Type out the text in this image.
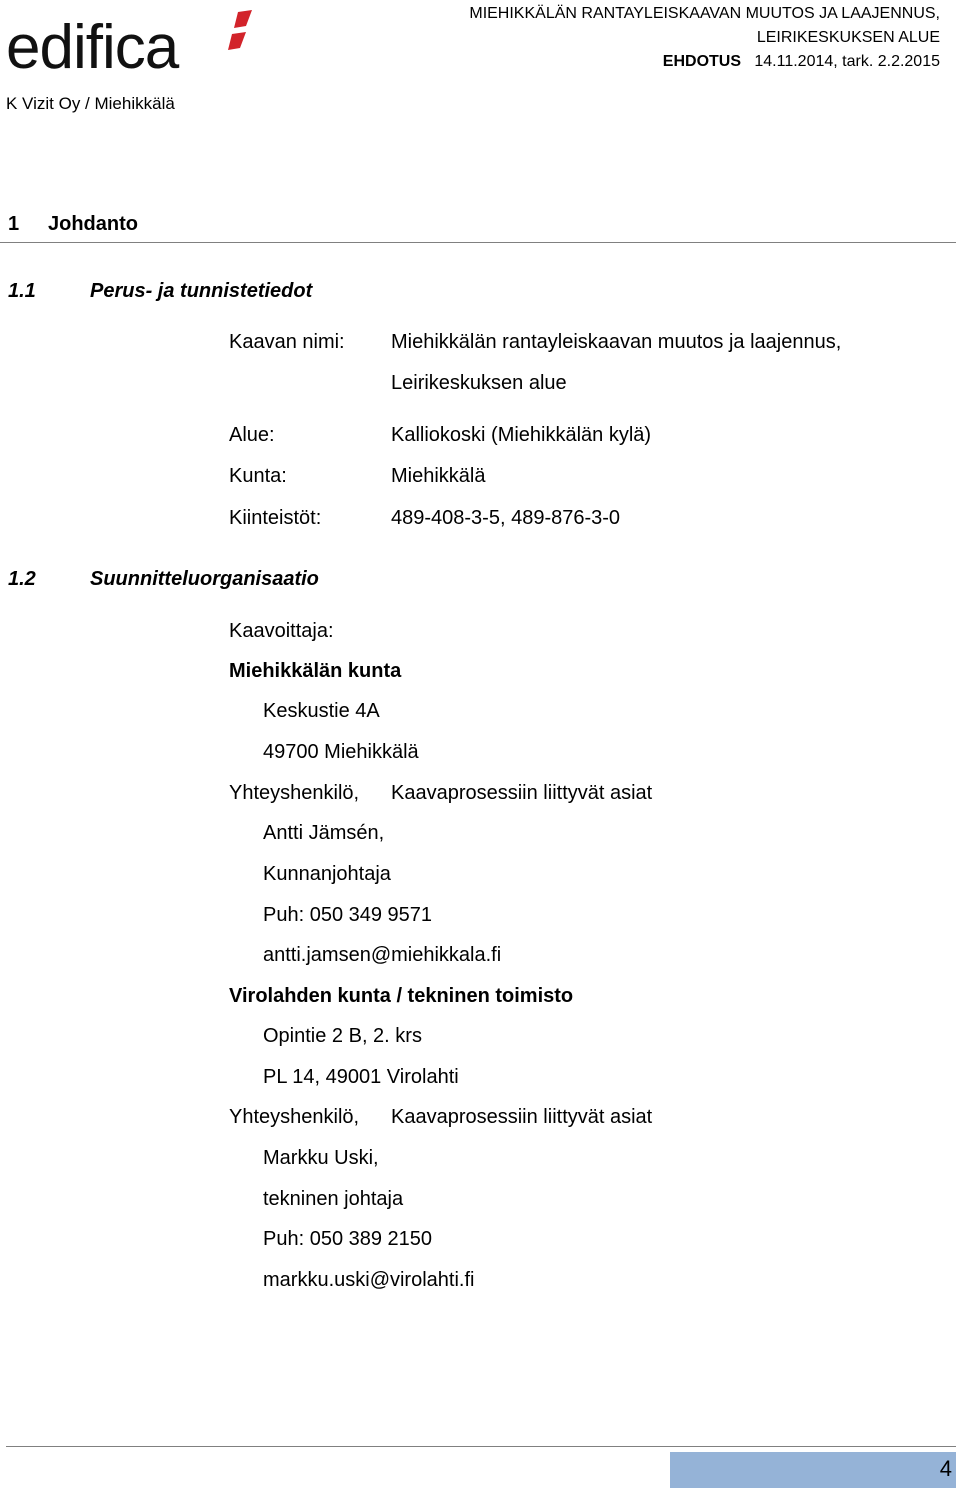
edifica
K Vizit Oy / Miehikkälä
MIEHIKKÄLÄN RANTAYLEISKAAVAN MUUTOS JA LAAJENNUS,
LEIRIKESKUKSEN ALUE
EHDOTUS 14.11.2014, tark. 2.2.2015
1 Johdanto
1.1	Perus- ja tunnistetiedot
Kaavan nimi: Miehikkälän rantayleiskaavan muutos ja laajennus,
Leirikeskuksen alue
Alue:	Kalliokoski (Miehikkälän kylä)
Kunta:	Miehikkälä
Kiinteistöt:	489-408-3-5, 489-876-3-0
1.2	Suunnitteluorganisaatio
Kaavoittaja:
Miehikkälän kunta
Keskustie 4A
49700 Miehikkälä
Yhteyshenkilö, Kaavaprosessiin liittyvät asiat
Antti Jämsén,
Kunnanjohtaja
Puh: 050 349 9571
antti.jamsen@miehikkala.fi
Virolahden kunta / tekninen toimisto
Opintie 2 B, 2. krs
PL 14, 49001 Virolahti
Yhteyshenkilö, Kaavaprosessiin liittyvät asiat
Markku Uski,
tekninen johtaja
Puh: 050 389 2150
markku.uski@virolahti.fi
4
